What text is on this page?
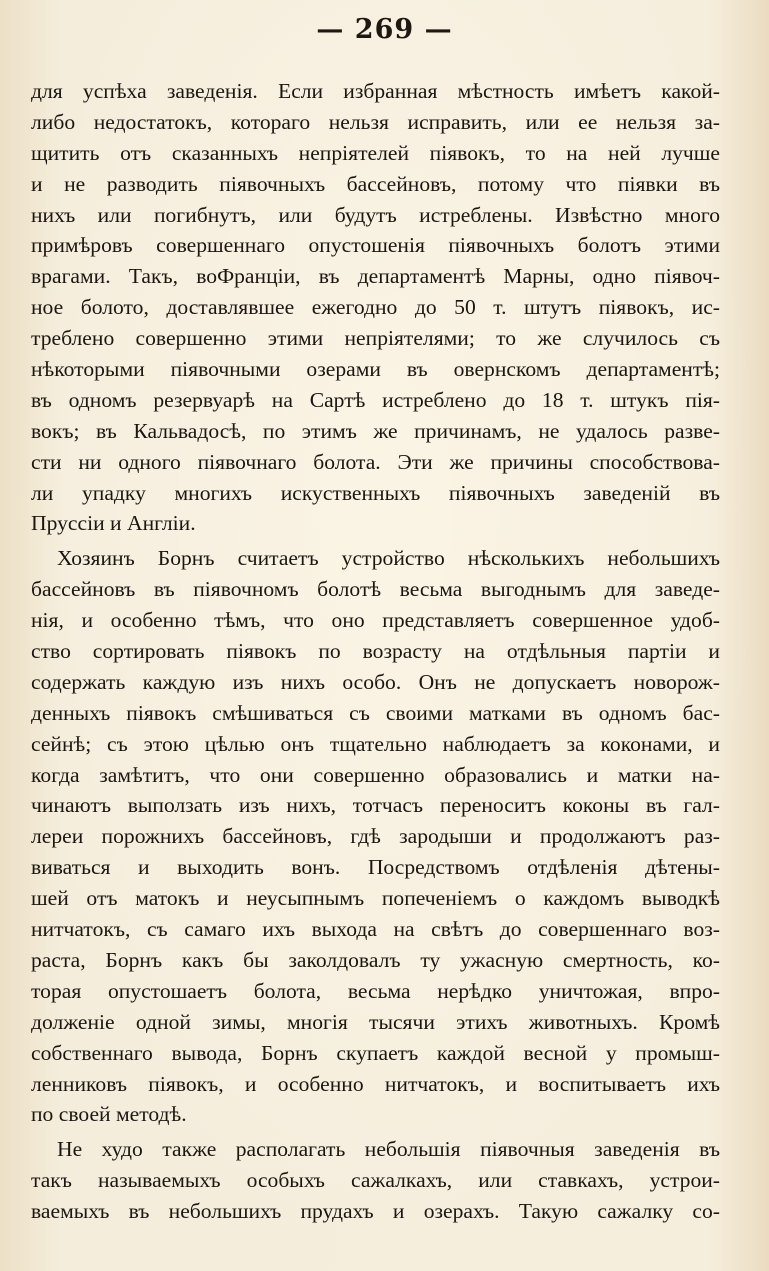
— 269 —
для успѣха заведенія. Если избранная мѣстность имѣетъ какой-
либо недостатокъ, котораго нельзя исправить, или ее нельзя за-
щитить отъ сказанныхъ непріятелей піявокъ, то на ней лучше
и не разводить піявочныхъ бассейновъ, потому что піявки въ
нихъ или погибнутъ, или будутъ истреблены. Извѣстно много
примѣровъ совершеннаго опустошенія піявочныхъ болотъ этими
врагами. Такъ, воФранціи, въ департаментѣ Марны, одно піявоч-
ное болото, доставлявшее ежегодно до 50 т. штутъ піявокъ, ис-
треблено совершенно этими непріятелями; то же случилось съ
нѣкоторыми піявочными озерами въ овернскомъ департаментѣ;
въ одномъ резервуарѣ на Сартѣ истреблено до 18 т. штукъ пія-
вокъ; въ Кальвадосѣ, по этимъ же причинамъ, не удалось разве-
сти ни одного піявочнаго болота. Эти же причины способствова-
ли упадку многихъ искуственныхъ піявочныхъ заведеній въ
Пруссіи и Англіи.
Хозяинъ Борнъ считаетъ устройство нѣсколькихъ небольшихъ
бассейновъ въ піявочномъ болотѣ весьма выгоднымъ для заведе-
нія, и особенно тѣмъ, что оно представляетъ совершенное удоб-
ство сортировать піявокъ по возрасту на отдѣльныя партіи и
содержать каждую изъ нихъ особо. Онъ не допускаетъ новорож-
денныхъ піявокъ смѣшиваться съ своими матками въ одномъ бас-
сейнѣ; съ этою цѣлью онъ тщательно наблюдаетъ за коконами, и
когда замѣтитъ, что они совершенно образовались и матки на-
чинаютъ выползать изъ нихъ, тотчасъ переноситъ коконы въ гал-
лереи порожнихъ бассейновъ, гдѣ зародыши и продолжаютъ раз-
виваться и выходить вонъ. Посредствомъ отдѣленія дѣтены-
шей отъ матокъ и неусыпнымъ попеченіемъ о каждомъ выводкѣ
нитчатокъ, съ самаго ихъ выхода на свѣтъ до совершеннаго воз-
раста, Борнъ какъ бы заколдовалъ ту ужасную смертность, ко-
торая опустошаетъ болота, весьма нерѣдко уничтожая, впро-
долженіе одной зимы, многія тысячи этихъ животныхъ. Кромѣ
собственнаго вывода, Борнъ скупаетъ каждой весной у промыш-
ленниковъ піявокъ, и особенно нитчатокъ, и воспитываетъ ихъ
по своей методѣ.
Не худо также располагать небольшія піявочныя заведенія въ
такъ называемыхъ особыхъ сажалкахъ, или ставкахъ, устрои-
ваемыхъ въ небольшихъ прудахъ и озерахъ. Такую сажалку со-
